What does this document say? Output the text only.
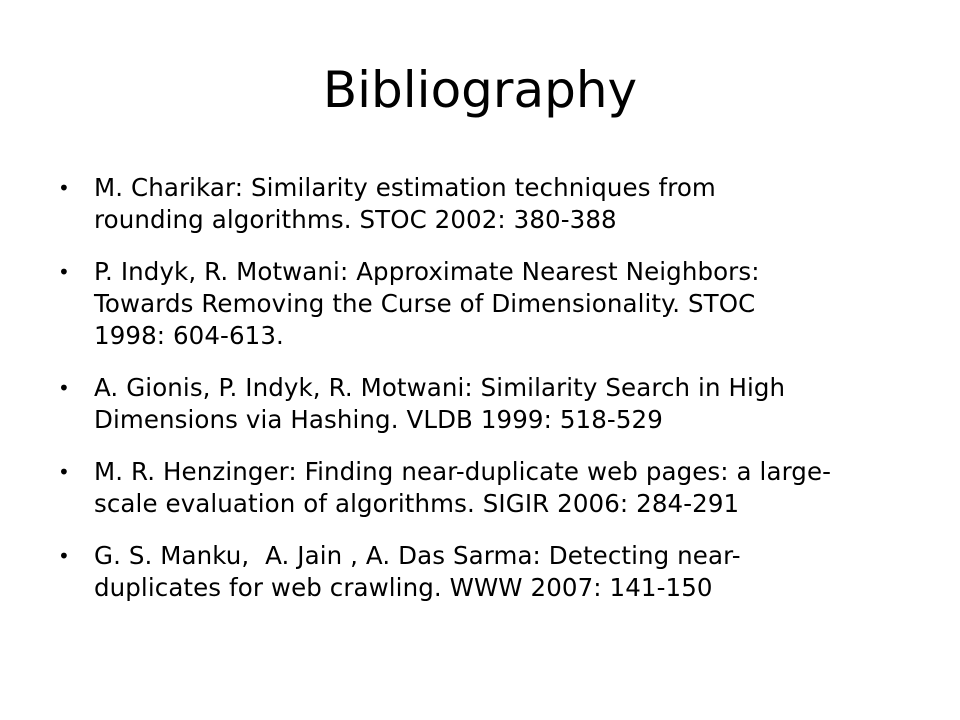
Bibliography
• M. Charikar: Similarity estimation techniques from
rounding algorithms. STOC 2002: 380-388
• P. Indyk, R. Motwani: Approximate Nearest Neighbors:
Towards Removing the Curse of Dimensionality. STOC
1998: 604-613.
• A. Gionis, P. Indyk, R. Motwani: Similarity Search in High
Dimensions via Hashing. VLDB 1999: 518-529
• M. R. Henzinger: Finding near-duplicate web pages: a large-
scale evaluation of algorithms. SIGIR 2006: 284-291
• G. S. Manku,  A. Jain , A. Das Sarma: Detecting near-
duplicates for web crawling. WWW 2007: 141-150
